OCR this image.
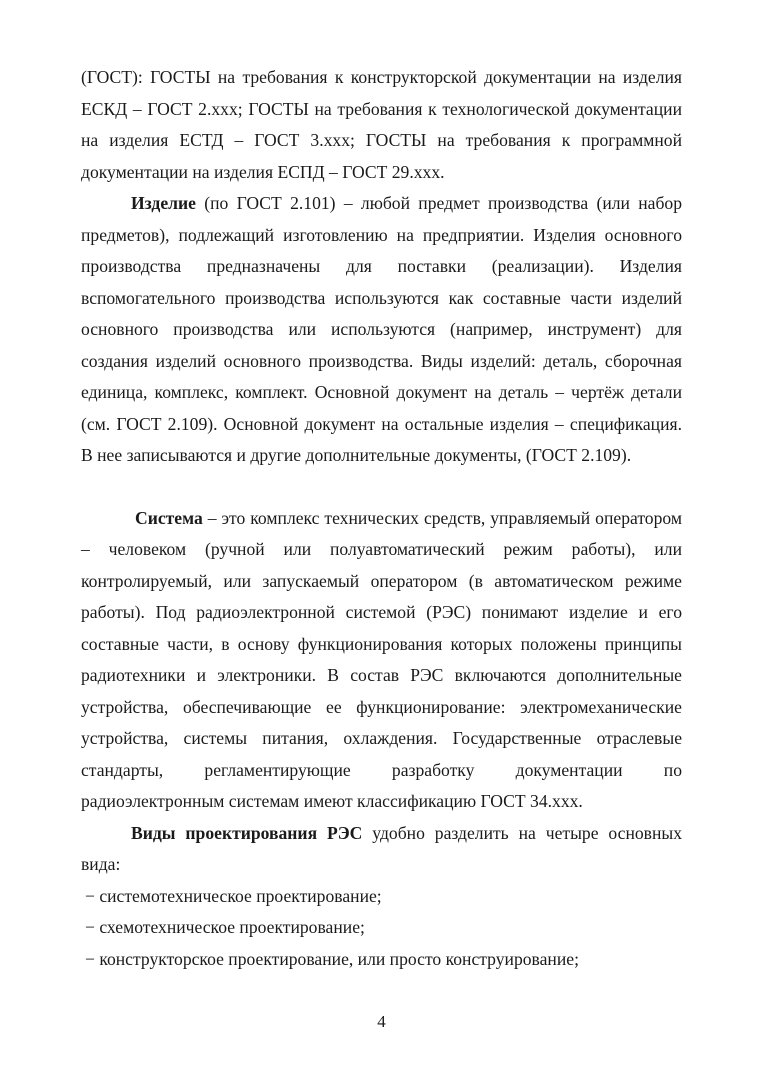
(ГОСТ): ГОСТЫ на требования к конструкторской документации на изделия ЕСКД – ГОСТ 2.xxx; ГОСТЫ на требования к технологической документации на изделия ЕСТД – ГОСТ 3.xxx; ГОСТЫ на требования к программной документации на изделия ЕСПД – ГОСТ 29.xxx.

Изделие (по ГОСТ 2.101) – любой предмет производства (или набор предметов), подлежащий изготовлению на предприятии. Изделия основного производства предназначены для поставки (реализации). Изделия вспомогательного производства используются как составные части изделий основного производства или используются (например, инструмент) для создания изделий основного производства. Виды изделий: деталь, сборочная единица, комплекс, комплект. Основной документ на деталь – чертёж детали (см. ГОСТ 2.109). Основной документ на остальные изделия – спецификация. В нее записываются и другие дополнительные документы, (ГОСТ 2.109).

Система – это комплекс технических средств, управляемый оператором – человеком (ручной или полуавтоматический режим работы), или контролируемый, или запускаемый оператором (в автоматическом режиме работы). Под радиоэлектронной системой (РЭС) понимают изделие и его составные части, в основу функционирования которых положены принципы радиотехники и электроники. В состав РЭС включаются дополнительные устройства, обеспечивающие ее функционирование: электромеханические устройства, системы питания, охлаждения. Государственные отраслевые стандарты, регламентирующие разработку документации по радиоэлектронным системам имеют классификацию ГОСТ 34.xxx.

Виды проектирования РЭС удобно разделить на четыре основных вида:

− системотехническое проектирование;

− схемотехническое проектирование;

− конструкторское проектирование, или просто конструирование;

4
